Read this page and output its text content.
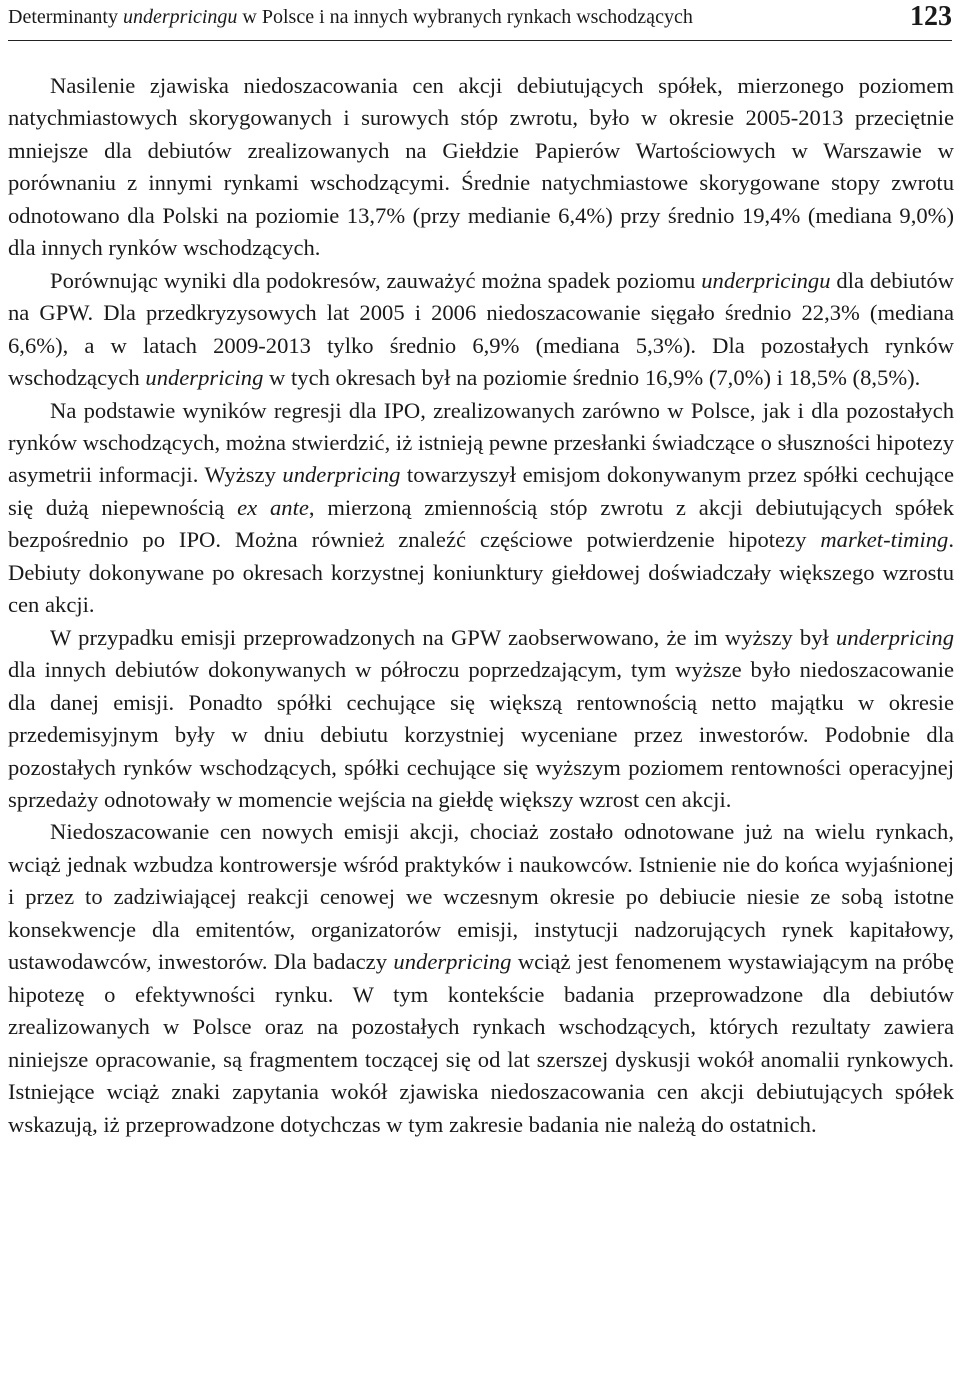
Determinanty underpricingu w Polsce i na innych wybranych rynkach wschodzących	123

Nasilenie zjawiska niedoszacowania cen akcji debiutujących spółek, mierzonego poziomem natychmiastowych skorygowanych i surowych stóp zwrotu, było w okresie 2005-2013 przeciętnie mniejsze dla debiutów zrealizowanych na Giełdzie Papierów Wartościowych w Warszawie w porównaniu z innymi rynkami wschodzącymi. Średnie natychmiastowe skorygowane stopy zwrotu odnotowano dla Polski na poziomie 13,7% (przy medianie 6,4%) przy średnio 19,4% (mediana 9,0%) dla innych rynków wschodzących.

Porównując wyniki dla podokresów, zauważyć można spadek poziomu underpricingu dla debiutów na GPW. Dla przedkryzysowych lat 2005 i 2006 niedoszacowanie sięgało średnio 22,3% (mediana 6,6%), a w latach 2009-2013 tylko średnio 6,9% (mediana 5,3%). Dla pozostałych rynków wschodzących underpricing w tych okresach był na poziomie średnio 16,9% (7,0%) i 18,5% (8,5%).

Na podstawie wyników regresji dla IPO, zrealizowanych zarówno w Polsce, jak i dla pozostałych rynków wschodzących, można stwierdzić, iż istnieją pewne przesłanki świadczące o słuszności hipotezy asymetrii informacji. Wyższy underpricing towarzyszył emisjom dokonywanym przez spółki cechujące się dużą niepewnością ex ante, mierzoną zmiennością stóp zwrotu z akcji debiutujących spółek bezpośrednio po IPO. Można również znaleźć częściowe potwierdzenie hipotezy market-timing. Debiuty dokonywane po okresach korzystnej koniunktury giełdowej doświadczały większego wzrostu cen akcji.

W przypadku emisji przeprowadzonych na GPW zaobserwowano, że im wyższy był underpricing dla innych debiutów dokonywanych w półroczu poprzedzającym, tym wyższe było niedoszacowanie dla danej emisji. Ponadto spółki cechujące się większą rentownością netto majątku w okresie przedemisyjnym były w dniu debiutu korzystniej wyceniane przez inwestorów. Podobnie dla pozostałych rynków wschodzących, spółki cechujące się wyższym poziomem rentowności operacyjnej sprzedaży odnotowały w momencie wejścia na giełdę większy wzrost cen akcji.

Niedoszacowanie cen nowych emisji akcji, chociaż zostało odnotowane już na wielu rynkach, wciąż jednak wzbudza kontrowersje wśród praktyków i naukowców. Istnienie nie do końca wyjaśnionej i przez to zadziwiającej reakcji cenowej we wczesnym okresie po debiucie niesie ze sobą istotne konsekwencje dla emitentów, organizatorów emisji, instytucji nadzorujących rynek kapitałowy, ustawodawców, inwestorów. Dla badaczy underpricing wciąż jest fenomenem wystawiającym na próbę hipotezę o efektywności rynku. W tym kontekście badania przeprowadzone dla debiutów zrealizowanych w Polsce oraz na pozostałych rynkach wschodzących, których rezultaty zawiera niniejsze opracowanie, są fragmentem toczącej się od lat szerszej dyskusji wokół anomalii rynkowych. Istniejące wciąż znaki zapytania wokół zjawiska niedoszacowania cen akcji debiutujących spółek wskazują, iż przeprowadzone dotychczas w tym zakresie badania nie należą do ostatnich.
